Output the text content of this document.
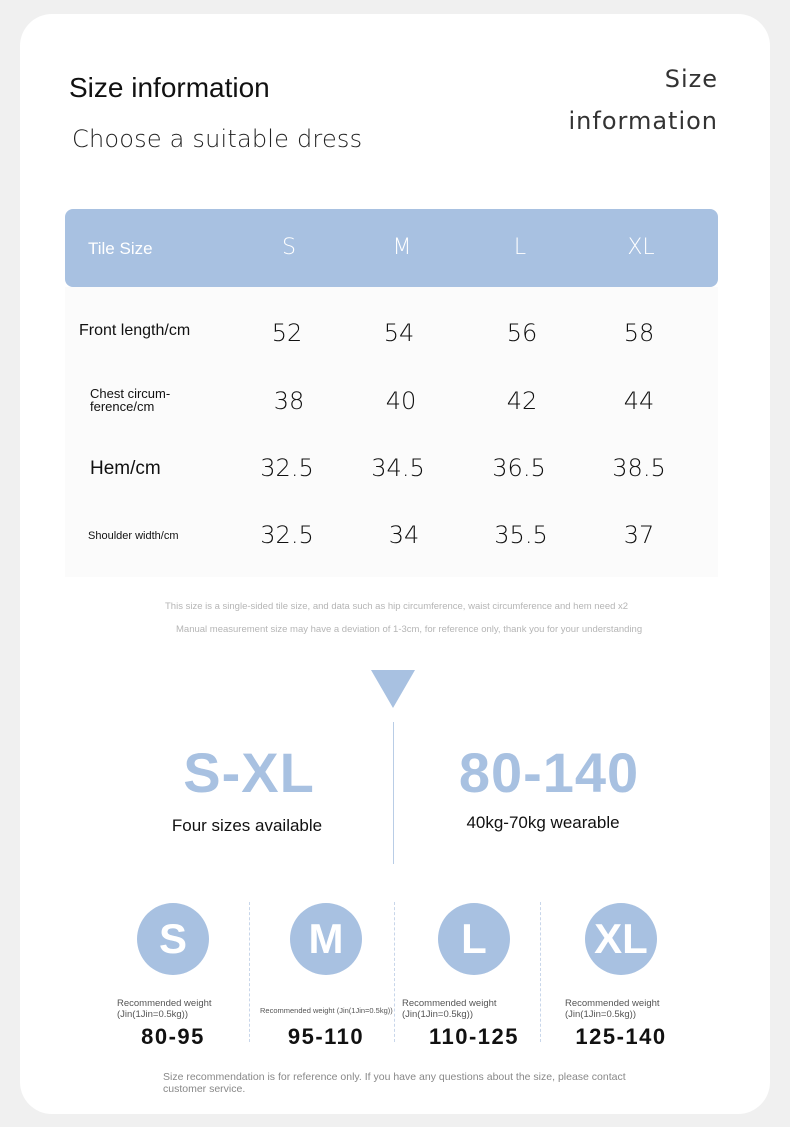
Size information
Choose a suitable dress
Size
information
Tile Size	S	M	L	XL
Front length/cm	52	54	56	58
Chest circum-
ference/cm	38	40	42	44
Hem/cm	32.5 34.5	36.5	38.5
Shoulder width/cm	32.5	34	35.5	37
This size is a single-sided tile size, and data such as hip circumference, waist circumference and hem need x2
Manual measurement size may have a deviation of 1-3cm, for reference only, thank you for your understanding
S-XL
Four sizes available
80-140
40kg-70kg wearable
S
Recommended weight (Jin(1Jin=0.5kg))
80-95
M
Recommended weight (Jin(1Jin=0.5kg))
95-110
L
Recommended weight (Jin(1Jin=0.5kg))
110-125
XL
Recommended weight (Jin(1Jin=0.5kg))
125-140
Size recommendation is for reference only. If you have any questions about the size, please contact customer service.
